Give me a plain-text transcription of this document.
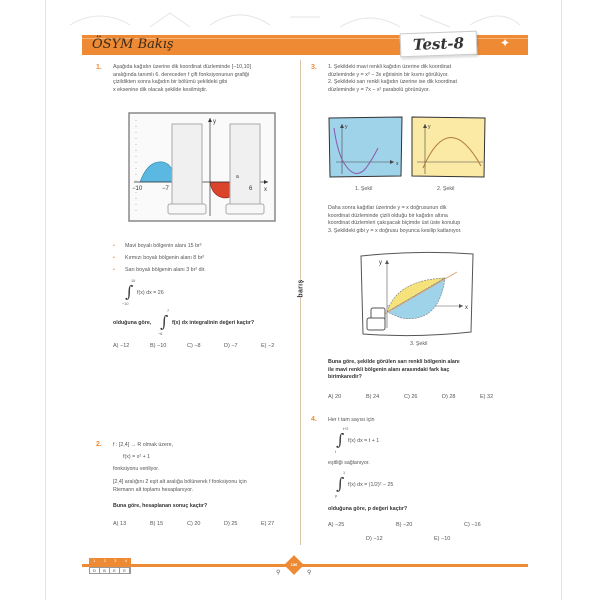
ÖSYM Bakış	Test-8	✦
barış
1. Aşağıda kağıdın üzerine dik koordinat düzleminde [−10,10]
aralığında tanımlı 6. dereceden f çift fonksiyonunun grafiği
çizildikten sonra kağıdın bir bölümü şekildeki gibi
x eksenine dik olacak şekilde kesilmiştir.
−10	−7
a
6 x
y
• Mavi boyalı bölgenin alanı 15 br²
• Kırmızı boyalı bölgenin alanı 8 br²
• Sarı boyalı bölgenin alanı 3 br² dir.
10
∫
−10
f(x) dx = 26
olduğuna göre,
7
∫
−6
f(x) dx integralinin değeri kaçtır?
A) −12	B) −10	C) −8	D) −7	E) −2
2. f : [2,4] → R olmak üzere,
f(x) = x² + 1
fonksiyonu veriliyor.
[2,4] aralığını 2 eşit alt aralığa bölünerek f fonksiyonu için
Riemann alt toplamı hesaplanıyor.
Buna göre, hesaplanan sonuç kaçtır?
A) 13	B) 15	C) 20	D) 25	E) 27
3. 1. Şekildeki mavi renkli kağıdın üzerine dik koordinat
düzleminde y = x³ − 3x eğrisinin bir kısmı görülüyor.
2. Şekildeki sarı renkli kağıdın üzerine ise dik koordinat
düzleminde y = 7x − x² parabolü görünüyor.
x
y
1. Şekil
y
2. Şekil
Daha sonra kağıtlar üzerinde y = x doğrusunun dik
koordinat düzleminde çizili olduğu bir kağıdın altına
koordinat düzlemleri çakışacak biçimde üst üste konulup
3. Şekildeki gibi y = x doğrusu boyunca kesilip katlanıyor.
y
x
3. Şekil
Buna göre, şekilde görülen sarı renkli bölgenin alanı
ile mavi renkli bölgenin alanı arasındaki fark kaç
birimkaredir?
A) 20	B) 24	C) 26	D) 28	E) 32
4. Her t tam sayısı için
t+2
∫
t
f(x) dx = t + 1
eşitliği sağlanıyor.
1
∫
p
f(x) dx = (1/2)² − 25
olduğuna göre, p değeri kaçtır?
A) −25	B) −20	C) −16
D) −12	E) −10
1	2	3	4
D	B	E	E
136
⚲	⚲
